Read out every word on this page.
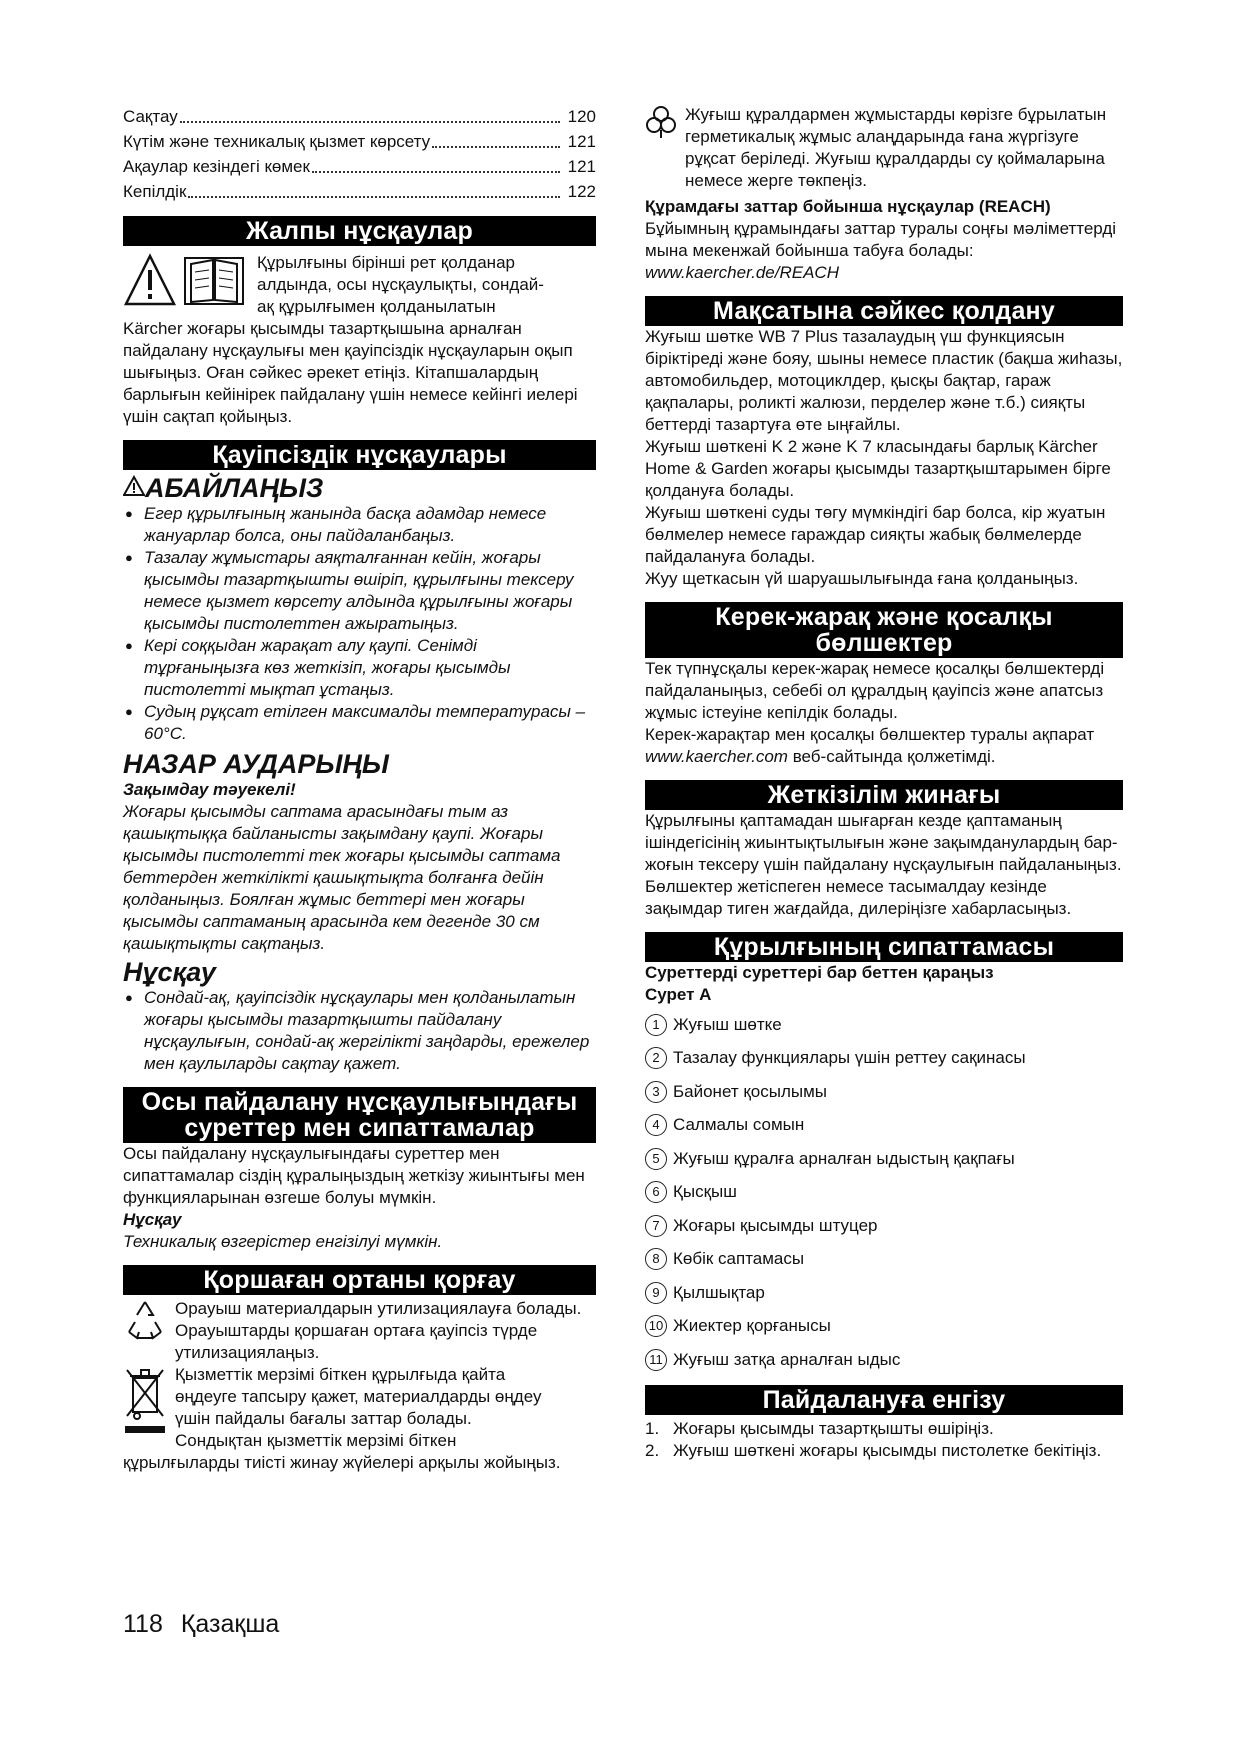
Сақтау	120
Күтім және техникалық қызмет көрсету	121
Ақаулар кезіндегі көмек	121
Кепілдік	122
Жалпы нұсқаулар

Құрылғыны бірінші рет қолданар

алдында, осы нұсқаулықты, сондай-

ақ құрылғымен қолданылатын

Kärcher жоғары қысымды тазартқышына арналған пайдалану нұсқаулығы мен қауіпсіздік нұсқауларын оқып шығыңыз. Оған сәйкес әрекет етіңіз. Кітапшалардың барлығын кейінірек пайдалану үшін немесе кейінгі иелері үшін сақтап қойыңыз.

Қауіпсіздік нұсқаулары
АБАЙЛАҢЫЗ
● Егер құрылғының жанында басқа адамдар немесе жануарлар болса, оны пайдаланбаңыз.
● Тазалау жұмыстары аяқталғаннан кейін, жоғары қысымды тазартқышты өшіріп, құрылғыны тексеру немесе қызмет көрсету алдында құрылғыны жоғары қысымды пистолеттен ажыратыңыз.
● Кері соққыдан жарақат алу қаупі. Сенімді тұрғаныңызға көз жеткізіп, жоғары қысымды пистолетті мықтап ұстаңыз.
● Судың рұқсат етілген максималды температурасы – 60°C.
НАЗАР АУДАРЫҢЫ

Зақымдау тәуекелі!

Жоғары қысымды саптама арасындағы тым аз қашықтыққа байланысты зақымдану қаупі. Жоғары қысымды пистолетті тек жоғары қысымды саптама беттерден жеткілікті қашықтықта болғанға дейін қолданыңыз. Боялған жұмыс беттері мен жоғары қысымды саптаманың арасында кем дегенде 30 см қашықтықты сақтаңыз.

Нұсқау
● Сондай-ақ, қауіпсіздік нұсқаулары мен қолданылатын жоғары қысымды тазартқышты пайдалану нұсқаулығын, сондай-ақ жергілікті заңдарды, ережелер мен қаулыларды сақтау қажет.
Осы пайдалану нұсқаулығындағы суреттер мен сипаттамалар

Осы пайдалану нұсқаулығындағы суреттер мен сипаттамалар сіздің құралыңыздың жеткізу жиынтығы мен функцияларынан өзгеше болуы мүмкін.

Нұсқау

Техникалық өзгерістер енгізілуі мүмкін.

Қоршаған ортаны қорғау

Орауыш материалдарын утилизациялауға болады. Орауыштарды қоршаған ортаға қауіпсіз түрде утилизациялаңыз.

Қызметтік мерзімі біткен құрылғыда қайта

өңдеуге тапсыру қажет, материалдарды өңдеу

үшін пайдалы бағалы заттар болады.

Сондықтан қызметтік мерзімі біткен

құрылғыларды тиісті жинау жүйелері арқылы жойыңыз.

Жуғыш құралдармен жұмыстарды көрізге бұрылатын герметикалық жұмыс алаңдарында ғана жүргізуге рұқсат беріледі. Жуғыш құралдарды су қоймаларына немесе жерге төкпеңіз.

Құрамдағы заттар бойынша нұсқаулар (REACH)

Бұйымның құрамындағы заттар туралы соңғы мәліметтерді мына мекенжай бойынша табуға болады: www.kaercher.de/REACH

Мақсатына сәйкес қолдану

Жуғыш шөтке WB 7 Plus тазалаудың үш функциясын біріктіреді және бояу, шыны немесе пластик (бақша жиһазы, автомобильдер, мотоциклдер, қысқы бақтар, гараж қақпалары, роликті жалюзи, перделер және т.б.) сияқты беттерді тазартуға өте ыңғайлы.

Жуғыш шөткені K 2 және K 7 класындағы барлық Kärcher Home & Garden жоғары қысымды тазартқыштарымен бірге қолдануға болады.

Жуғыш шөткені суды төгу мүмкіндігі бар болса, кір жуатын бөлмелер немесе гараждар сияқты жабық бөлмелерде пайдалануға болады.

Жуу щеткасын үй шаруашылығында ғана қолданыңыз.

Керек-жарақ және қосалқы бөлшектер

Тек түпнұсқалы керек-жарақ немесе қосалқы бөлшектерді пайдаланыңыз, себебі ол құралдың қауіпсіз және апатсыз жұмыс істеуіне кепілдік болады.

Керек-жарақтар мен қосалқы бөлшектер туралы ақпарат www.kaercher.com веб-сайтында қолжетімді.

Жеткізілім жинағы

Құрылғыны қаптамадан шығарған кезде қаптаманың ішіндегісінің жиынтықтылығын және зақымданулардың бар-жоғын тексеру үшін пайдалану нұсқаулығын пайдаланыңыз. Бөлшектер жетіспеген немесе тасымалдау кезінде зақымдар тиген жағдайда, дилеріңізге хабарласыңыз.

Құрылғының сипаттамасы

Суреттерді суреттері бар беттен қараңыз

Сурет A

1 Жуғыш шөтке
2 Тазалау функциялары үшін реттеу сақинасы
3 Байонет қосылымы
4 Салмалы сомын
5 Жуғыш құралға арналған ыдыстың қақпағы
6 Қысқыш
7 Жоғары қысымды штуцер
8 Көбік саптамасы
9 Қылшықтар
10 Жиектер қорғанысы
11 Жуғыш затқа арналған ыдыс
Пайдалануға енгізу
1. Жоғары қысымды тазартқышты өшіріңіз.
2. Жуғыш шөткені жоғары қысымды пистолетке бекітіңіз.
118 Қазақша
